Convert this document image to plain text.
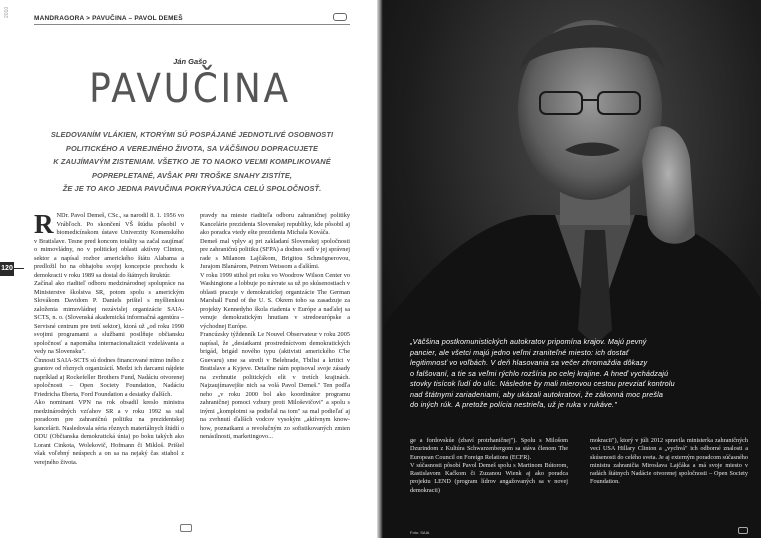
2010
MANDRAGORA > PAVUČINA – PAVOL DEMEŠ
120
Ján Gašo
PAVUČINA
SLEDOVANÍM VLÁKIEN, KTORÝMI SÚ POSPÁJANÉ JEDNOTLIVÉ OSOBNOSTI
POLITICKÉHO A VEREJNÉHO ŽIVOTA, SA VÄČŠINOU DOPRACUJETE
K ZAUJÍMAVÝM ZISTENIAM. VŠETKO JE TO NAOKO VEĽMI KOMPLIKOVANÉ
POPREPLETANÉ, AVŠAK PRI TROŠKE SNAHY ZISTÍTE,
ŽE JE TO AKO JEDNA PAVUČINA POKRÝVAJÚCA CELÚ SPOLOČNOSŤ.
R NDr. Pavol Demeš, CSc., sa narodil 8. 1. 1956 vo Vrábľoch. Po skončení VŠ štúdia pôsobil v biomedicínskom ústave Univerzity Komenského v Bratislave. Tesne pred koncom totality sa začal zaujímať o mimovládny, no v politickej oblasti aktívny Clinton, sektor a napísal rozbor amerického štátu Alabama a predložil ho na obhajobu svojej koncepcie prechodu k demokracii v roku 1989 sa dostal do štátnych štruktúr.

Začínal ako riaditeľ odboru medzinárodnej spolupráce na Ministerstve školstva SR, potom spolu s americkým Slovákom Davidom P. Daniels prišiel s myšlienkou založenia mimovládnej nezávislej organizácie SAIA-SCTS, n. o. (Slovenská akademická informačná agentúra – Servisné centrum pre tretí sektor), ktorá už „od roku 1990 svojimi programami a službami posilňuje občiansku spoločnosť a napomáha internacionalizácii vzdelávania a vedy na Slovensku".

Činnosti SAIA-SCTS sú dodnes financované mimo iného z grantov od rôznych organizácií. Medzi ich darcami nájdete napríklad aj Rockefeller Brothers Fund, Nadáciu otvorenej spoločnosti – Open Society Foundation, Nadáciu Friedricha Eberta, Ford Foundation a desiatky ďalších.

Ako nominant VPN na rok obsadil kreslo ministra medzinárodných vzťahov SR a v roku 1992 sa stal poradcom pre zahraničnú politiku na prezidentskej kancelárii. Nasledovala séria rôznych materiálnych štúdií o ODU (Občianska demokratická únia) po boku takých ako Lorant Cinkota, Wolekovič, Hofmann či Mikloš. Prišiel však voľebný neúspech a on sa na nejaký čas stiahol z verejného života.

pravdy na mieste riaditeľa odboru zahraničnej politiky Kancelárie prezidenta Slovenskej republiky, kde pôsobil aj ako poradca vtedy ešte prezidenta Michala Kováča.

Demeš mal vplyv aj pri zakladaní Slovenskej spoločnosti pre zahraničnú politiku (SFPA) a dodnes sedí v jej správnej rade s Milanom Lajčákom, Brigitou Schmögnerovou, Jurajom Blanárom, Petrom Weissom a ďalšími.

V roku 1999 stihol pri roku vo Woodrow Wilson Center vo Washingtone a lobbuje po návrate sa už po skúsenostiach v oblasti pracuje v demokratickej organizácie The German Marshall Fund of the U. S. Okrem toho sa zasadzuje za projekty Kennedyho škola riadenia v Európe a naďalej sa venuje demokratickým hnutiam v stredoeurópske a východnej Európe.

Francúzsky týždenník Le Nouvel Observateur v roku 2005 napísal, že „desiatkami prostredníctvom demokratických brigád, brigád nového typu (aktivisti amerického C'he Guevaru) sme sa stretli v Belehrade, Tbilisi a kritici v Bratislave a Kyjeve. Detailne nám popisoval svoje zásady na zvrhnutie politických elít v tretích krajinách. Najzaujímavejšie nich sa volá Pavol Demeš." Ten podľa neho „v roku 2000 bol ako koordinátor programu zahraničnej pomoci vzbury proti Miloševičovi" a spolu s inými „komplotmi sa podieľal na tom" sa mal podieľať aj na zvrhnutí ďalších vodcov vysokým „aktívnym know-how, poznatkami a revolučným zo sofistikovaných zmien nenásilnosti, marketingovo...

„Väčšina postkomunistických autokratov pripomína krajov. Majú pevný
pancier, ale všetci majú jedno veľmi zraniteľné miesto: ich dostať
legitimnosť vo voľbách. V deň hlasovania sa večer zhromaždia dôkazy
o falšovaní, a tie sa veľmi rýchlo rozšíria po celej krajine. A hneď vychádzajú
stovky tisícok ľudí do ulíc. Následne by mali mierovou cestou prevziať kontrolu
nad štátnymi zariadeniami, aby ukázali autokratovi, že zákonná moc prešla
do iných rúk. A pretože polícia nestrieľa, už je ruka v rukáve."

ge a fordovskúe (zbaví protrhaničnej"). Spolu s Milošom Dzurindom z Kultúra Schwarzenbergom sa stáva členom The European Council on Foreign Relations (ECFR).

V súčasnosti pôsobí Pavol Demeš spolu s Martinom Bútorom, Rastislavom Kačkom či Zuzanou Wienk aj ako poradca projektu LEND (program lídrov angažovaných sa v novej demokracii)

mokracii"), ktorý v júli 2012 spravila ministerka zahraničných vecí USA Hillary Clinton a „vychvá" ich odborné znalosti a skúsenosti do celého sveta. Je aj externým poradcom súčasného ministra zahraničia Miroslava Lajčáka a má svoje miesto v radách štátnych Nadácie otvorenej spoločnosti – Open Society Foundation.

Foto: SAIA
